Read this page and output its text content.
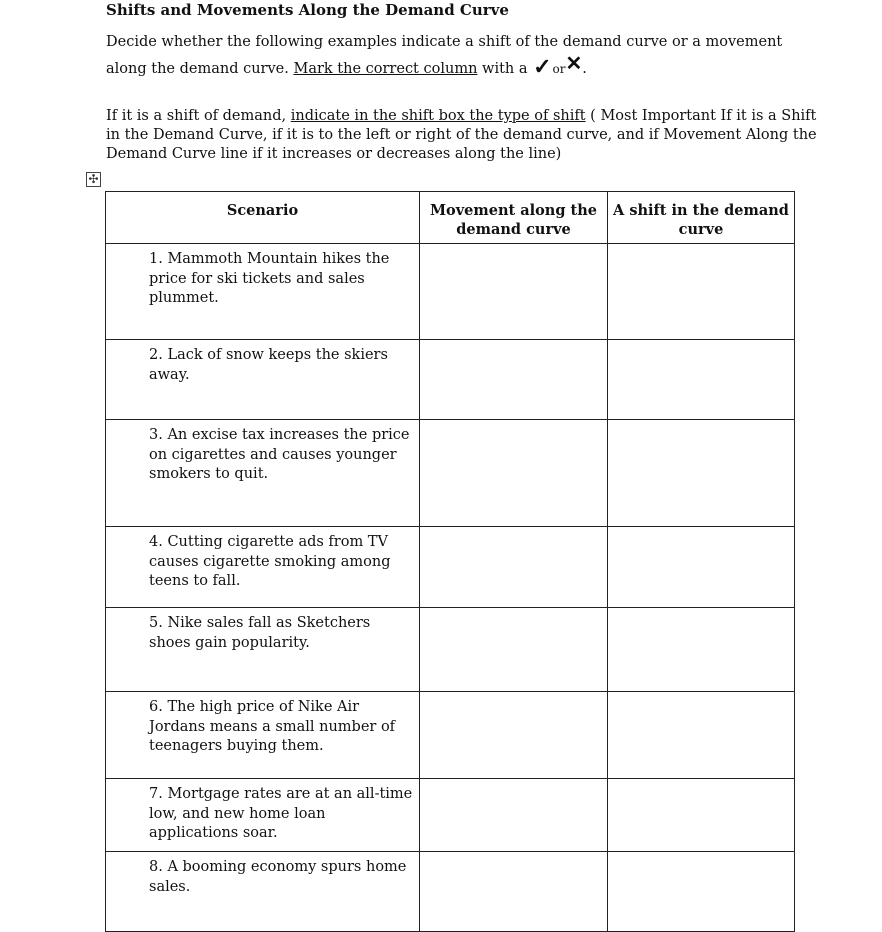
Shifts and Movements Along the Demand Curve
Decide whether the following examples indicate a shift of the demand curve or a movement along the demand curve. Mark the correct column with a ✓or✕.
If it is a shift of demand, indicate in the shift box the type of shift ( Most Important If it is a Shift in the Demand Curve, if it is to the left or right of the demand curve, and if Movement Along the Demand Curve line if it increases or decreases along the line)
✣
Scenario	Movement along the demand curve	A shift in the demand curve
1. Mammoth Mountain hikes the price for ski tickets and sales plummet.		
2. Lack of snow keeps the skiers away.		
3. An excise tax increases the price on cigarettes and causes younger smokers to quit.		
4. Cutting cigarette ads from TV causes cigarette smoking among teens to fall.		
5. Nike sales fall as Sketchers shoes gain popularity.		
6. The high price of Nike Air Jordans means a small number of teenagers buying them.		
7. Mortgage rates are at an all-time low, and new home loan applications soar.		
8. A booming economy spurs home sales.		
